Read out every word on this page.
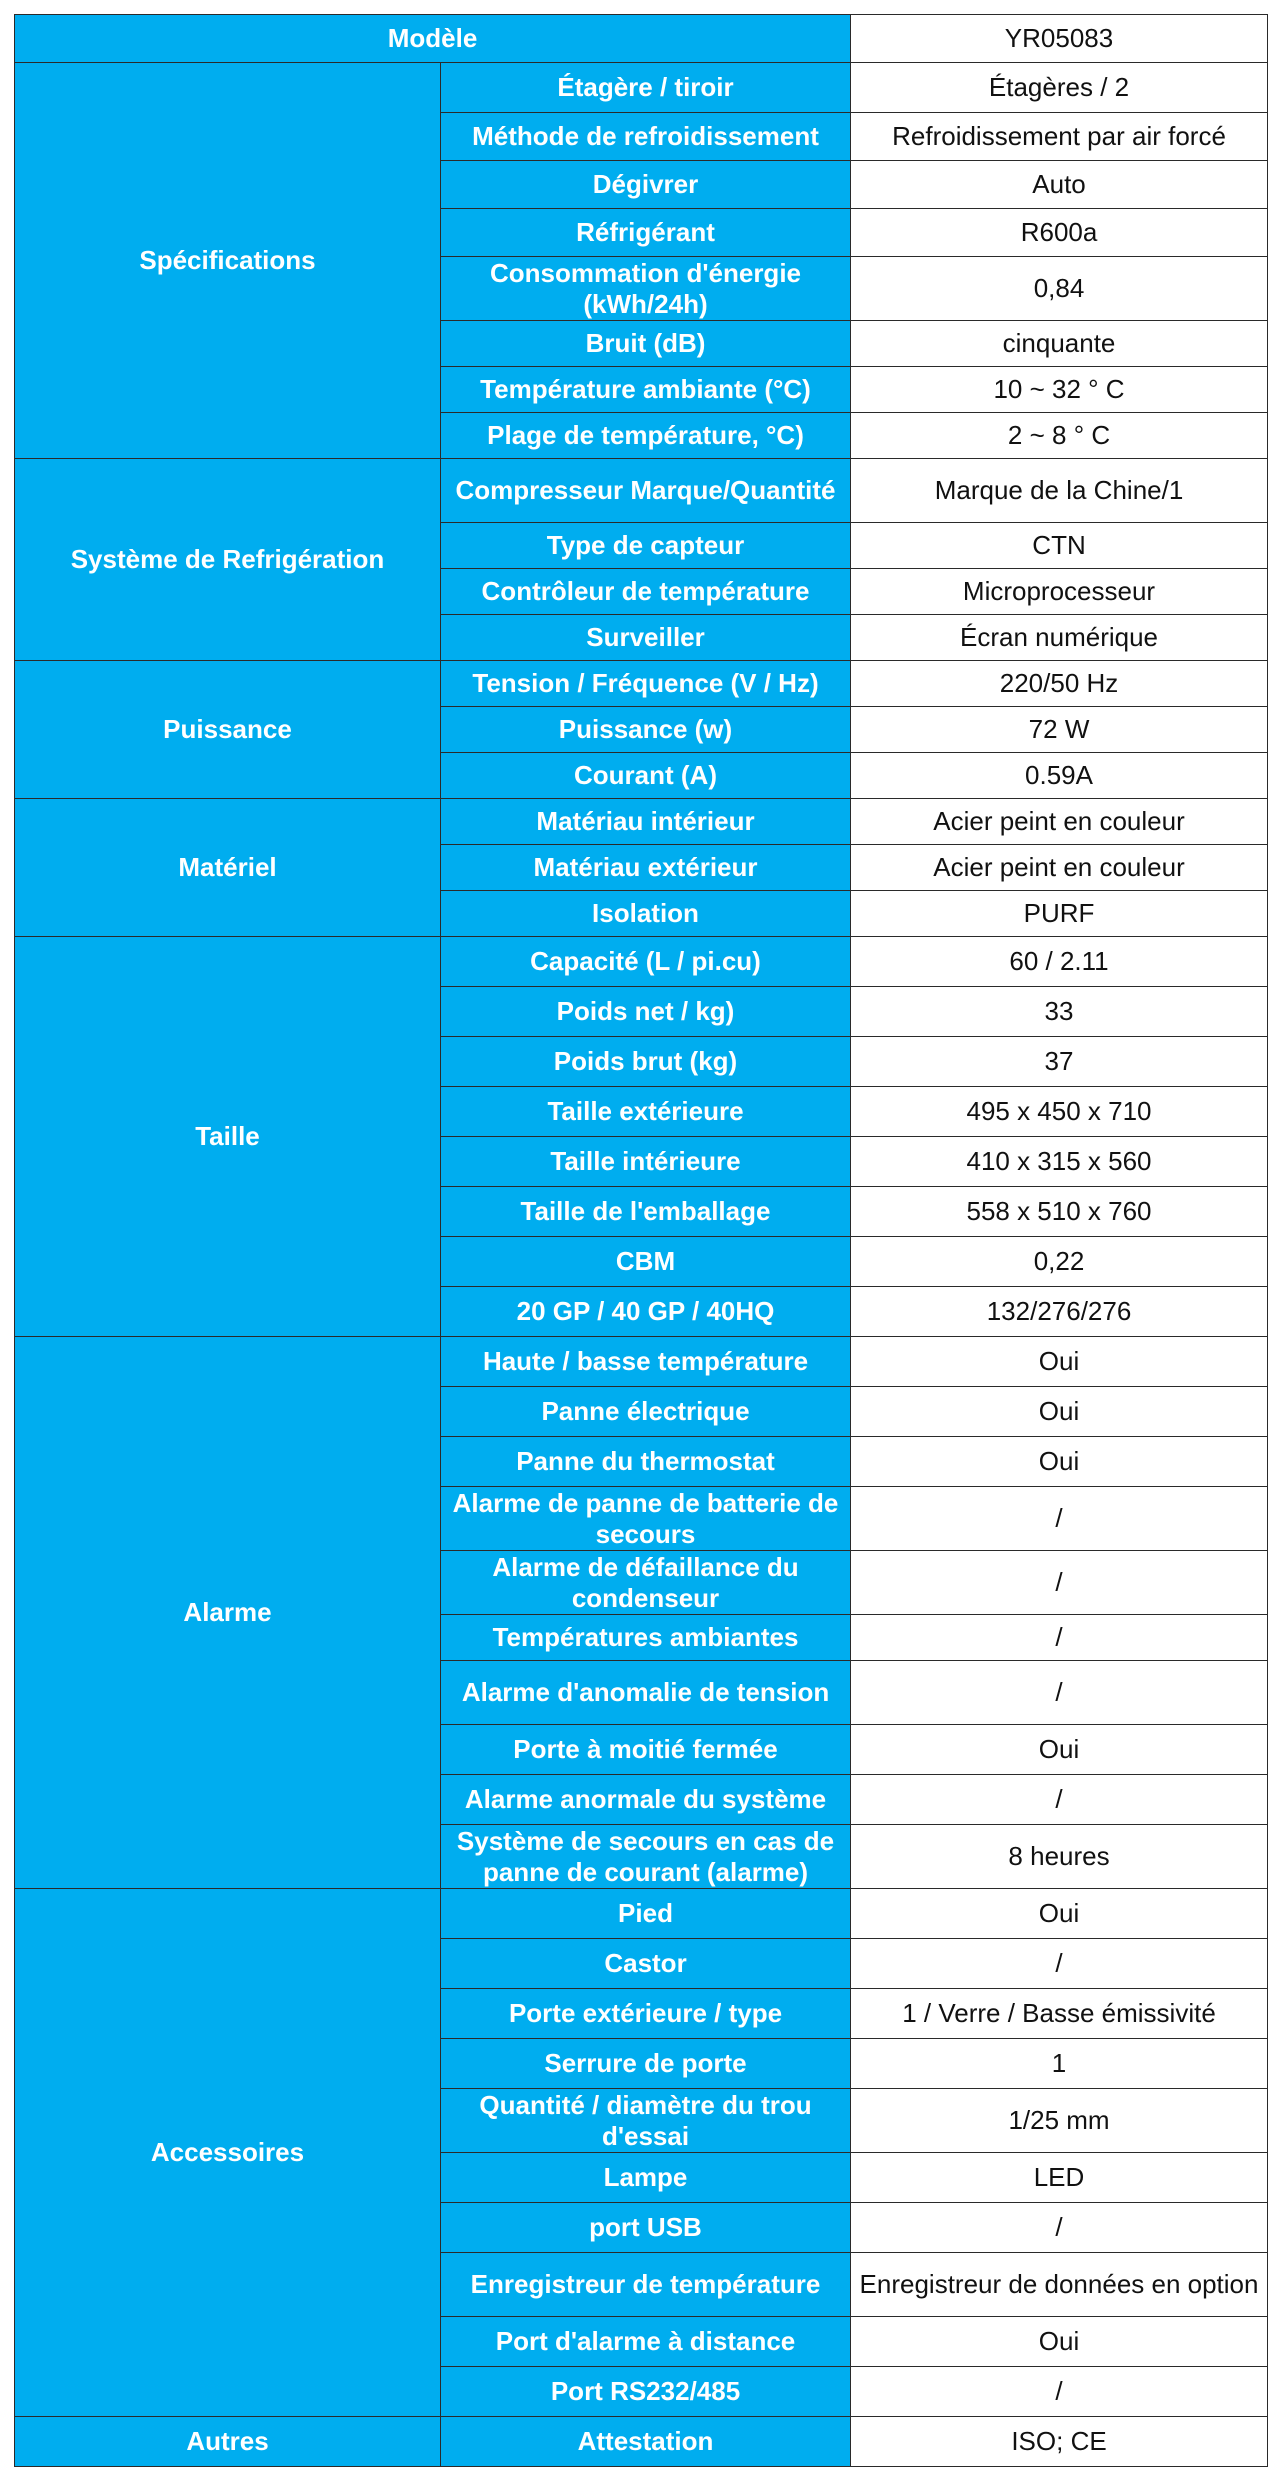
Modèle		YR05083
Spécifications	Étagère / tiroir	Étagères / 2
	Méthode de refroidissement	Refroidissement par air forcé
	Dégivrer	Auto
	Réfrigérant	R600a
	Consommation d'énergie (kWh/24h)	0,84
	Bruit (dB)	cinquante
	Température ambiante (°C)	10 ~ 32 ° C
	Plage de température, °C)	2 ~ 8 ° C
Système de Refrigération	Compresseur Marque/Quantité	Marque de la Chine/1
	Type de capteur	CTN
	Contrôleur de température	Microprocesseur
	Surveiller	Écran numérique
Puissance	Tension / Fréquence (V / Hz)	220/50 Hz
	Puissance (w)	72 W
	Courant (A)	0.59A
Matériel	Matériau intérieur	Acier peint en couleur
	Matériau extérieur	Acier peint en couleur
	Isolation	PURF
Taille	Capacité (L / pi.cu)	60 / 2.11
	Poids net / kg)	33
	Poids brut (kg)	37
	Taille extérieure	495 x 450 x 710
	Taille intérieure	410 x 315 x 560
	Taille de l'emballage	558 x 510 x 760
	CBM	0,22
	20 GP / 40 GP / 40HQ	132/276/276
Alarme	Haute / basse température	Oui
	Panne électrique	Oui
	Panne du thermostat	Oui
	Alarme de panne de batterie de secours	/
	Alarme de défaillance du condenseur	/
	Températures ambiantes	/
	Alarme d'anomalie de tension	/
	Porte à moitié fermée	Oui
	Alarme anormale du système	/
	Système de secours en cas de panne de courant (alarme)	8 heures
Accessoires	Pied	Oui
	Castor	/
	Porte extérieure / type	1 / Verre / Basse émissivité
	Serrure de porte	1
	Quantité / diamètre du trou d'essai	1/25 mm
	Lampe	LED
	port USB	/
	Enregistreur de température	Enregistreur de données en option
	Port d'alarme à distance	Oui
	Port RS232/485	/
Autres	Attestation	ISO; CE
